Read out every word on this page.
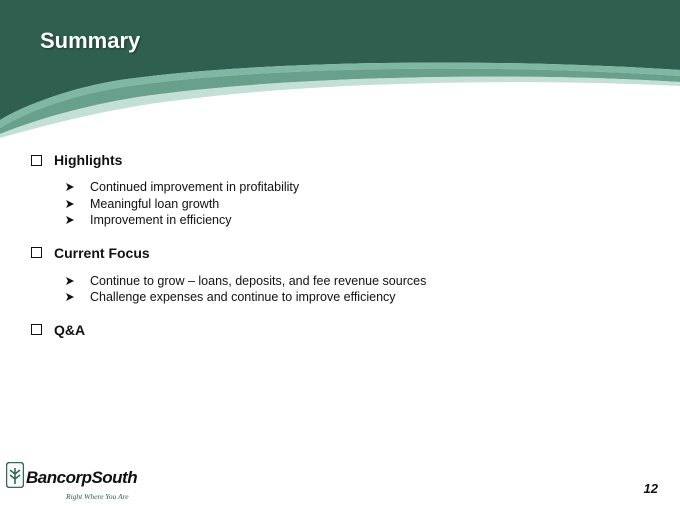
Summary
Highlights
Continued improvement in profitability
Meaningful loan growth
Improvement in efficiency
Current Focus
Continue to grow – loans, deposits, and fee revenue sources
Challenge expenses and continue to improve efficiency
Q&A
BancorpSouth
Right Where You Are
12
